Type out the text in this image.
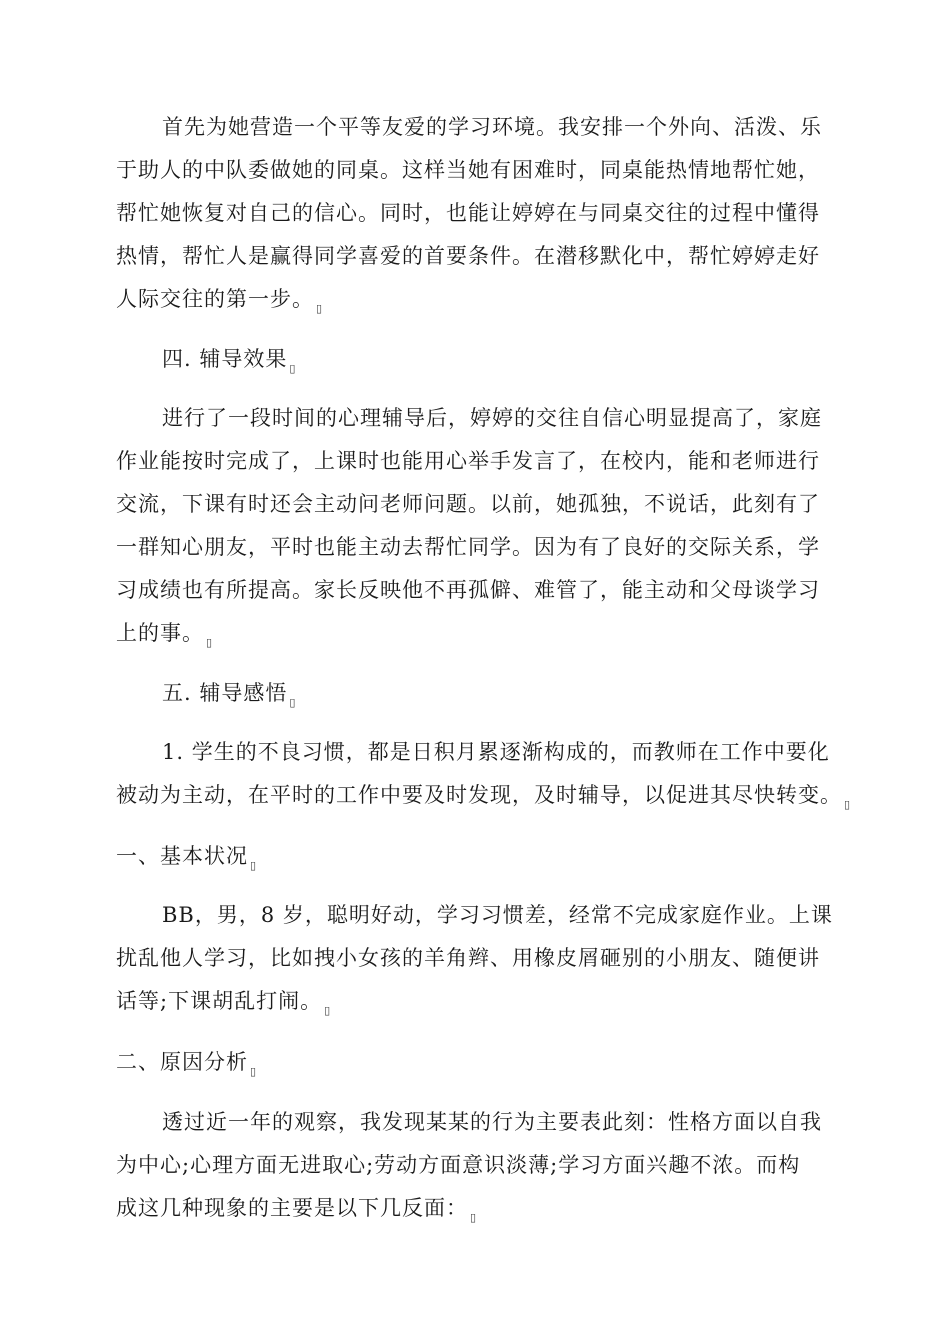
首先为她营造一个平等友爱的学习环境。我安排一个外向、活泼、乐
于助人的中队委做她的同桌。这样当她有困难时，同桌能热情地帮忙她，
帮忙她恢复对自己的信心。同时，也能让婷婷在与同桌交往的过程中懂得
热情，帮忙人是赢得同学喜爱的首要条件。在潜移默化中，帮忙婷婷走好
人际交往的第一步。 ▯
四. 辅导效果 ▯
进行了一段时间的心理辅导后，婷婷的交往自信心明显提高了，家庭
作业能按时完成了，上课时也能用心举手发言了，在校内，能和老师进行
交流，下课有时还会主动问老师问题。以前，她孤独，不说话，此刻有了
一群知心朋友，平时也能主动去帮忙同学。因为有了良好的交际关系，学
习成绩也有所提高。家长反映他不再孤僻、难管了，能主动和父母谈学习
上的事。 ▯
五. 辅导感悟 ▯
1. 学生的不良习惯，都是日积月累逐渐构成的，而教师在工作中要化
被动为主动，在平时的工作中要及时发现，及时辅导，以促进其尽快转变。 ▯
一、基本状况 ▯
BB，男，8 岁，聪明好动，学习习惯差，经常不完成家庭作业。上课
扰乱他人学习，比如拽小女孩的羊角辫、用橡皮屑砸别的小朋友、随便讲
话等;下课胡乱打闹。 ▯
二、原因分析 ▯
透过近一年的观察，我发现某某的行为主要表此刻：性格方面以自我
为中心;心理方面无进取心;劳动方面意识淡薄;学习方面兴趣不浓。而构
成这几种现象的主要是以下几反面： ▯
